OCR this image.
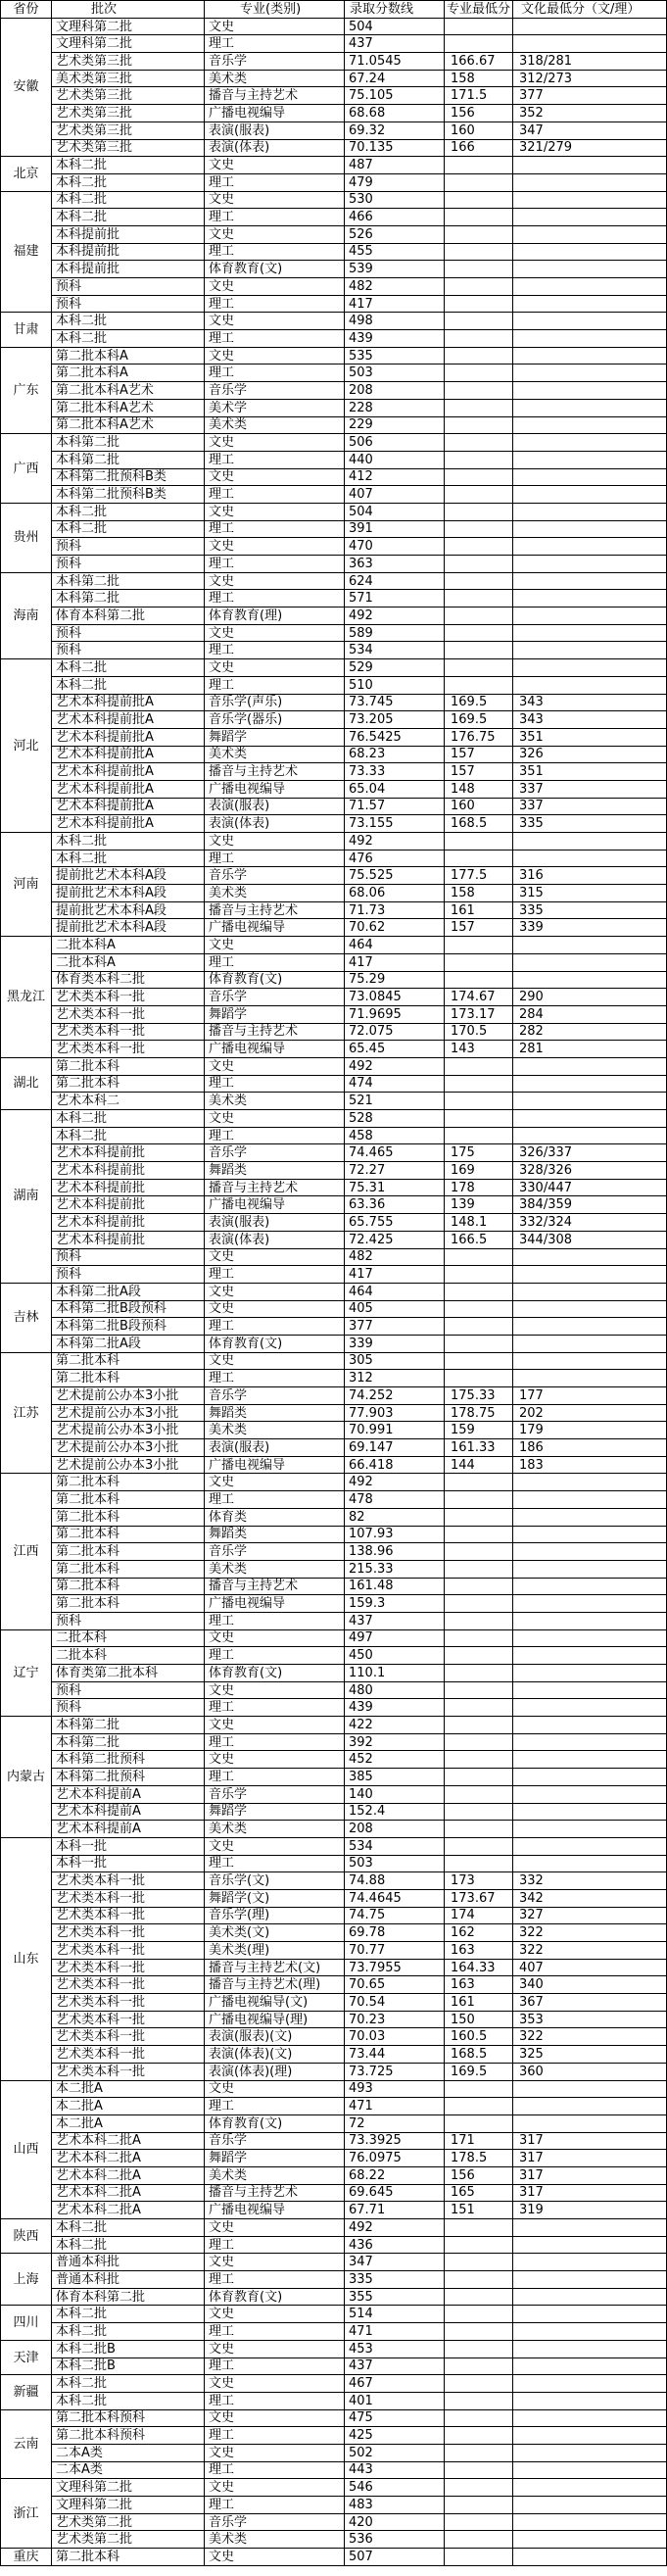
省份	批次	专业(类别)	录取分数线	专业最低分	文化最低分（文/理）
安徽	文理科第二批	文史	504		
	文理科第二批	理工	437		
	艺术类第三批	音乐学	71.0545	166.67	318/281
	美术类第三批	美术类	67.24	158	312/273
	艺术类第三批	播音与主持艺术	75.105	171.5	377
	艺术类第三批	广播电视编导	68.68	156	352
	艺术类第三批	表演(服表)	69.32	160	347
	艺术类第三批	表演(体表)	70.135	166	321/279
北京	本科二批	文史	487		
	本科二批	理工	479		
福建	本科二批	文史	530		
	本科二批	理工	466		
	本科提前批	文史	526		
	本科提前批	理工	455		
	本科提前批	体育教育(文)	539		
	预科	文史	482		
	预科	理工	417		
甘肃	本科二批	文史	498		
	本科二批	理工	439		
广东	第二批本科A	文史	535		
	第二批本科A	理工	503		
	第二批本科A艺术	音乐学	208		
	第二批本科A艺术	美术学	228		
	第二批本科A艺术	美术类	229		
广西	本科第二批	文史	506		
	本科第二批	理工	440		
	本科第二批预科B类	文史	412		
	本科第二批预科B类	理工	407		
贵州	本科二批	文史	504		
	本科二批	理工	391		
	预科	文史	470		
	预科	理工	363		
海南	本科第二批	文史	624		
	本科第二批	理工	571		
	体育本科第二批	体育教育(理)	492		
	预科	文史	589		
	预科	理工	534		
河北	本科二批	文史	529		
	本科二批	理工	510		
	艺术本科提前批A	音乐学(声乐)	73.745	169.5	343
	艺术本科提前批A	音乐学(器乐)	73.205	169.5	343
	艺术本科提前批A	舞蹈学	76.5425	176.75	351
	艺术本科提前批A	美术类	68.23	157	326
	艺术本科提前批A	播音与主持艺术	73.33	157	351
	艺术本科提前批A	广播电视编导	65.04	148	337
	艺术本科提前批A	表演(服表)	71.57	160	337
	艺术本科提前批A	表演(体表)	73.155	168.5	335
河南	本科二批	文史	492		
	本科二批	理工	476		
	提前批艺术本科A段	音乐学	75.525	177.5	316
	提前批艺术本科A段	美术类	68.06	158	315
	提前批艺术本科A段	播音与主持艺术	71.73	161	335
	提前批艺术本科A段	广播电视编导	70.62	157	339
黑龙江	二批本科A	文史	464		
	二批本科A	理工	417		
	体育类本科二批	体育教育(文)	75.29		
	艺术类本科一批	音乐学	73.0845	174.67	290
	艺术类本科一批	舞蹈学	71.9695	173.17	284
	艺术类本科一批	播音与主持艺术	72.075	170.5	282
	艺术类本科一批	广播电视编导	65.45	143	281
湖北	第二批本科	文史	492		
	第二批本科	理工	474		
	艺术本科二	美术类	521		
湖南	本科二批	文史	528		
	本科二批	理工	458		
	艺术本科提前批	音乐学	74.465	175	326/337
	艺术本科提前批	舞蹈类	72.27	169	328/326
	艺术本科提前批	播音与主持艺术	75.31	178	330/447
	艺术本科提前批	广播电视编导	63.36	139	384/359
	艺术本科提前批	表演(服表)	65.755	148.1	332/324
	艺术本科提前批	表演(体表)	72.425	166.5	344/308
	预科	文史	482		
	预科	理工	417		
吉林	本科第二批A段	文史	464		
	本科第二批B段预科	文史	405		
	本科第二批B段预科	理工	377		
	本科第二批A段	体育教育(文)	339		
江苏	第二批本科	文史	305		
	第二批本科	理工	312		
	艺术提前公办本3小批	音乐学	74.252	175.33	177
	艺术提前公办本3小批	舞蹈类	77.903	178.75	202
	艺术提前公办本3小批	美术类	70.991	159	179
	艺术提前公办本3小批	表演(服表)	69.147	161.33	186
	艺术提前公办本3小批	广播电视编导	66.418	144	183
江西	第二批本科	文史	492		
	第二批本科	理工	478		
	第二批本科	体育类	82		
	第二批本科	舞蹈类	107.93		
	第二批本科	音乐学	138.96		
	第二批本科	美术类	215.33		
	第二批本科	播音与主持艺术	161.48		
	第二批本科	广播电视编导	159.3		
	预科	理工	437		
辽宁	二批本科	文史	497		
	二批本科	理工	450		
	体育类第二批本科	体育教育(文)	110.1		
	预科	文史	480		
	预科	理工	439		
内蒙古	本科第二批	文史	422		
	本科第二批	理工	392		
	本科第二批预科	文史	452		
	本科第二批预科	理工	385		
	艺术本科提前A	音乐学	140		
	艺术本科提前A	舞蹈学	152.4		
	艺术本科提前A	美术类	208		
山东	本科一批	文史	534		
	本科一批	理工	503		
	艺术类本科一批	音乐学(文)	74.88	173	332
	艺术类本科一批	舞蹈学(文)	74.4645	173.67	342
	艺术类本科一批	音乐学(理)	74.75	174	327
	艺术类本科一批	美术类(文)	69.78	162	322
	艺术类本科一批	美术类(理)	70.77	163	322
	艺术类本科一批	播音与主持艺术(文)	73.7955	164.33	407
	艺术类本科一批	播音与主持艺术(理)	70.65	163	340
	艺术类本科一批	广播电视编导(文)	70.54	161	367
	艺术类本科一批	广播电视编导(理)	70.23	150	353
	艺术类本科一批	表演(服表)(文)	70.03	160.5	322
	艺术类本科一批	表演(体表)(文)	73.44	168.5	325
	艺术类本科一批	表演(体表)(理)	73.725	169.5	360
山西	本二批A	文史	493		
	本二批A	理工	471		
	本二批A	体育教育(文)	72		
	艺术本科二批A	音乐学	73.3925	171	317
	艺术本科二批A	舞蹈学	76.0975	178.5	317
	艺术本科二批A	美术类	68.22	156	317
	艺术本科二批A	播音与主持艺术	69.645	165	317
	艺术本科二批A	广播电视编导	67.71	151	319
陕西	本科二批	文史	492		
	本科二批	理工	436		
上海	普通本科批	文史	347		
	普通本科批	理工	335		
	体育本科第二批	体育教育(文)	355		
四川	本科二批	文史	514		
	本科二批	理工	471		
天津	本科二批B	文史	453		
	本科二批B	理工	437		
新疆	本科二批	文史	467		
	本科二批	理工	401		
云南	第二批本科预科	文史	475		
	第二批本科预科	理工	425		
	二本A类	文史	502		
	二本A类	理工	443		
浙江	文理科第二批	文史	546		
	文理科第二批	理工	483		
	艺术类第二批	音乐学	420		
	艺术类第二批	美术类	536		
重庆	第二批本科	文史	507		
